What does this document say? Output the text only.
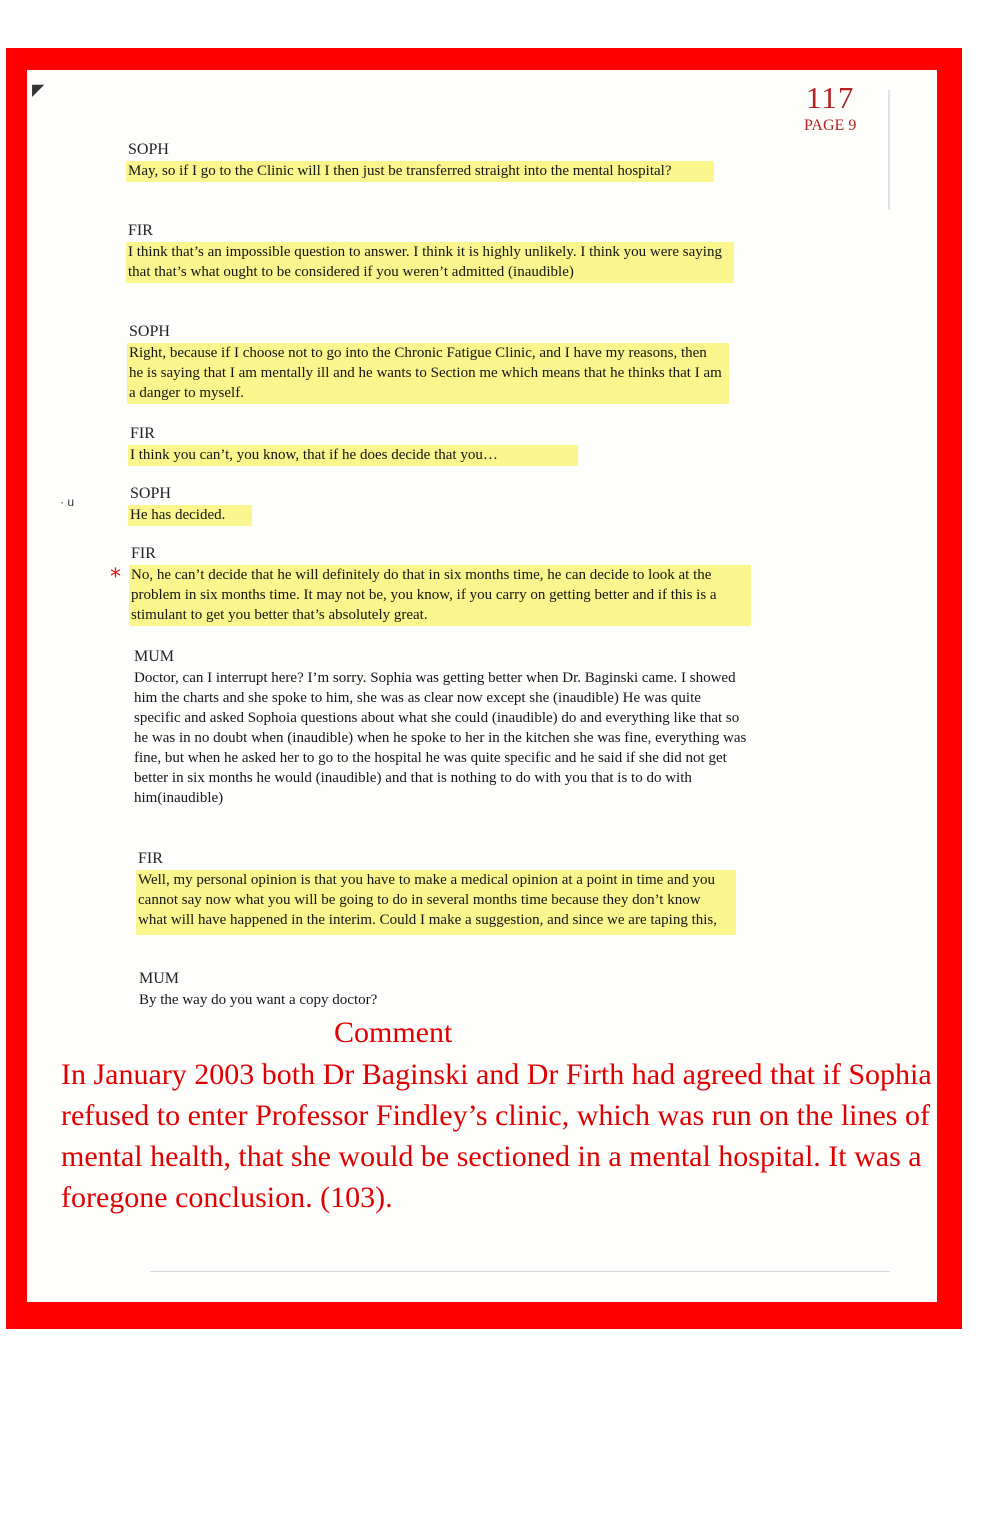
◤	117
PAGE 9
SOPH
May, so if I go to the Clinic will I then just be transferred straight into the mental hospital?
FIR
I think that’s an impossible question to answer. I think it is highly unlikely. I think you were saying that that’s what ought to be considered if you weren’t admitted (inaudible)
SOPH
Right, because if I choose not to go into the Chronic Fatigue Clinic, and I have my reasons, then he is saying that I am mentally ill and he wants to Section me which means that he thinks that I am a danger to myself.
FIR
I think you can’t, you know, that if he does decide that you…
· u	SOPH
He has decided.
*
FIR
No, he can’t decide that he will definitely do that in six months time, he can decide to look at the problem in six months time. It may not be, you know, if you carry on getting better and if this is a stimulant to get you better that’s absolutely great.
MUM
Doctor, can I interrupt here? I’m sorry. Sophia was getting better when Dr. Baginski came. I showed him the charts and she spoke to him, she was as clear now except she (inaudible) He was quite specific and asked Sophoia questions about what she could (inaudible) do and everything like that so he was in no doubt when (inaudible) when he spoke to her in the kitchen she was fine, everything was fine, but when he asked her to go to the hospital he was quite specific and he said if she did not get better in six months he would (inaudible) and that is nothing to do with you that is to do with him(inaudible)
FIR
Well, my personal opinion is that you have to make a medical opinion at a point in time and you cannot say now what you will be going to do in several months time because they don’t know what will have happened in the interim. Could I make a suggestion, and since we are taping this,
MUM
By the way do you want a copy doctor?
Comment
In January 2003 both Dr Baginski and Dr Firth had agreed that if Sophia refused to enter Professor Findley’s clinic, which was run on the lines of mental health, that she would be sectioned in a mental hospital. It was a foregone conclusion. (103).
